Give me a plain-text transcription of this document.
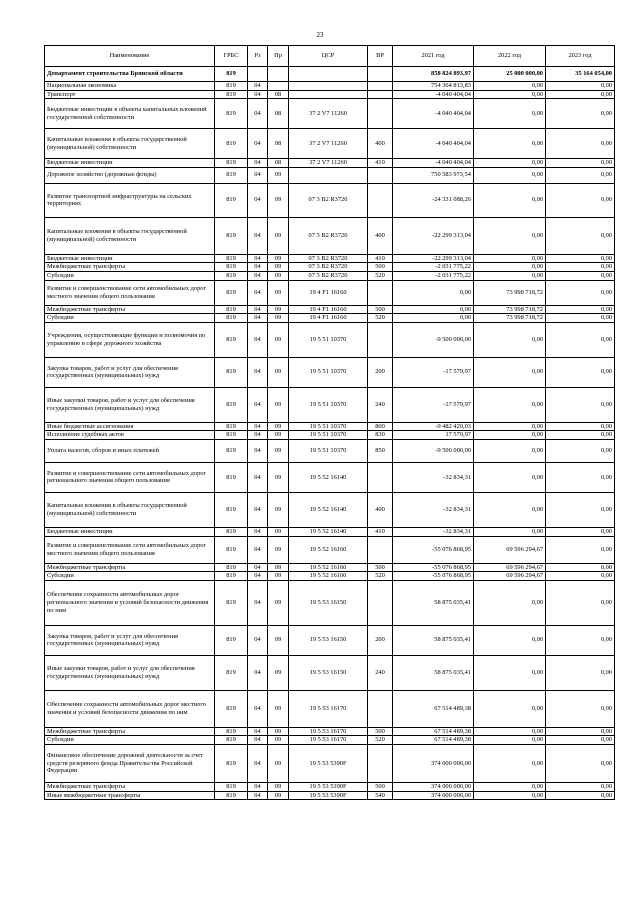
23
Наименование	ГРБС	Рз	Пр	ЦСР	ВР	2021 год	2022 год	2023 год
Департамент строительства Брянской области	819					858 824 893,97	25 000 000,00	35 164 054,00
Национальная экономика	819	04				754 364 813,83	0,00	0,00
Транспорт	819	04	08			-4 040 404,04	0,00	0,00
Бюджетные инвестиции в объекты капитальных вложений государственной собственности	819	04	08	37 2 V7 11260		-4 040 404,04	0,00	0,00
Капитальные вложения в объекты государственной (муниципальной) собственности	819	04	08	37 2 V7 11260	400	-4 040 404,04	0,00	0,00
Бюджетные инвестиции	819	04	08	37 2 V7 11260	410	-4 040 404,04	0,00	0,00
Дорожное хозяйство (дорожные фонды)	819	04	09			750 583 973,54	0,00	0,00
Развитие транспортной инфраструктуры на сельских территориях	819	04	09	07 3 B2 R3720		-24 331 088,26	0,00	0,00
Капитальные вложения в объекты государственной (муниципальной) собственности	819	04	09	07 3 B2 R3720	400	-22 299 313,04	0,00	0,00
Бюджетные инвестиции	819	04	09	07 3 B2 R3720	410	-22 299 313,04	0,00	0,00
Межбюджетные трансферты	819	04	09	07 3 B2 R3720	500	-2 031 775,22	0,00	0,00
Субсидии	819	04	09	07 3 B2 R3720	520	-2 031 775,22	0,00	0,00
Развитие и совершенствование сети автомобильных дорог местного значения общего пользования	819	04	09	19 4 F1 16160		0,00	73 998 718,72	0,00
Межбюджетные трансферты	819	04	09	19 4 F1 16160	500	0,00	73 998 718,72	0,00
Субсидии	819	04	09	19 4 F1 16160	520	0,00	73 998 718,72	0,00
Учреждения, осуществляющие функции и полномочия по управлению в сфере дорожного хозяйства	819	04	09	19 5 51 10370		-9 500 000,00	0,00	0,00
Закупка товаров, работ и услуг для обеспечения государственных (муниципальных) нужд	819	04	09	19 5 51 10370	200	-17 579,97	0,00	0,00
Иные закупки товаров, работ и услуг для обеспечения государственных (муниципальных) нужд	819	04	09	19 5 51 10370	240	-17 579,97	0,00	0,00
Иные бюджетные ассигнования	819	04	09	19 5 51 10370	800	-9 482 420,03	0,00	0,00
Исполнение судебных актов	819	04	09	19 5 51 10370	830	17 579,97	0,00	0,00
Уплата налогов, сборов и иных платежей	819	04	09	19 5 51 10370	850	-9 500 000,00	0,00	0,00
Развитие и совершенствование сети автомобильных дорог регионального значения общего пользования	819	04	09	19 5 52 16140		-32 834,31	0,00	0,00
Капитальные вложения в объекты государственной (муниципальной) собственности	819	04	09	19 5 52 16140	400	-32 834,31	0,00	0,00
Бюджетные инвестиции	819	04	09	19 5 52 16140	410	-32 834,31	0,00	0,00
Развитие и совершенствование сети автомобильных дорог местного значения общего пользования	819	04	09	19 5 52 16160		-55 076 868,95	69 596 294,67	0,00
Межбюджетные трансферты	819	04	09	19 5 52 16160	500	-55 076 868,95	69 596 294,67	0,00
Субсидии	819	04	09	19 5 52 16160	520	-55 076 868,95	69 596 294,67	0,00
Обеспечение сохранности автомобильных дорог регионального значения и условий безопасности движения по ним	819	04	09	19 5 53 16150		58 875 035,41	0,00	0,00
Закупка товаров, работ и услуг для обеспечения государственных (муниципальных) нужд	819	04	09	19 5 53 16150	200	58 875 035,41	0,00	0,00
Иные закупки товаров, работ и услуг для обеспечения государственных (муниципальных) нужд	819	04	09	19 5 53 16150	240	58 875 035,41	0,00	0,00
Обеспечение сохранности автомобильных дорог местного значения и условий безопасности движения по ним	819	04	09	19 5 53 16170		67 514 489,38	0,00	0,00
Межбюджетные трансферты	819	04	09	19 5 53 16170	500	67 514 489,38	0,00	0,00
Субсидии	819	04	09	19 5 53 16170	520	67 514 489,38	0,00	0,00
Финансовое обеспечение дорожной деятельности за счет средств резервного фонда Правительства Российской Федерации	819	04	09	19 5 53 5390F		374 000 000,00	0,00	0,00
Межбюджетные трансферты	819	04	09	19 5 53 5390F	500	374 000 000,00	0,00	0,00
Иные межбюджетные трансферты	819	04	09	19 5 53 5390F	540	374 000 000,00	0,00	0,00
